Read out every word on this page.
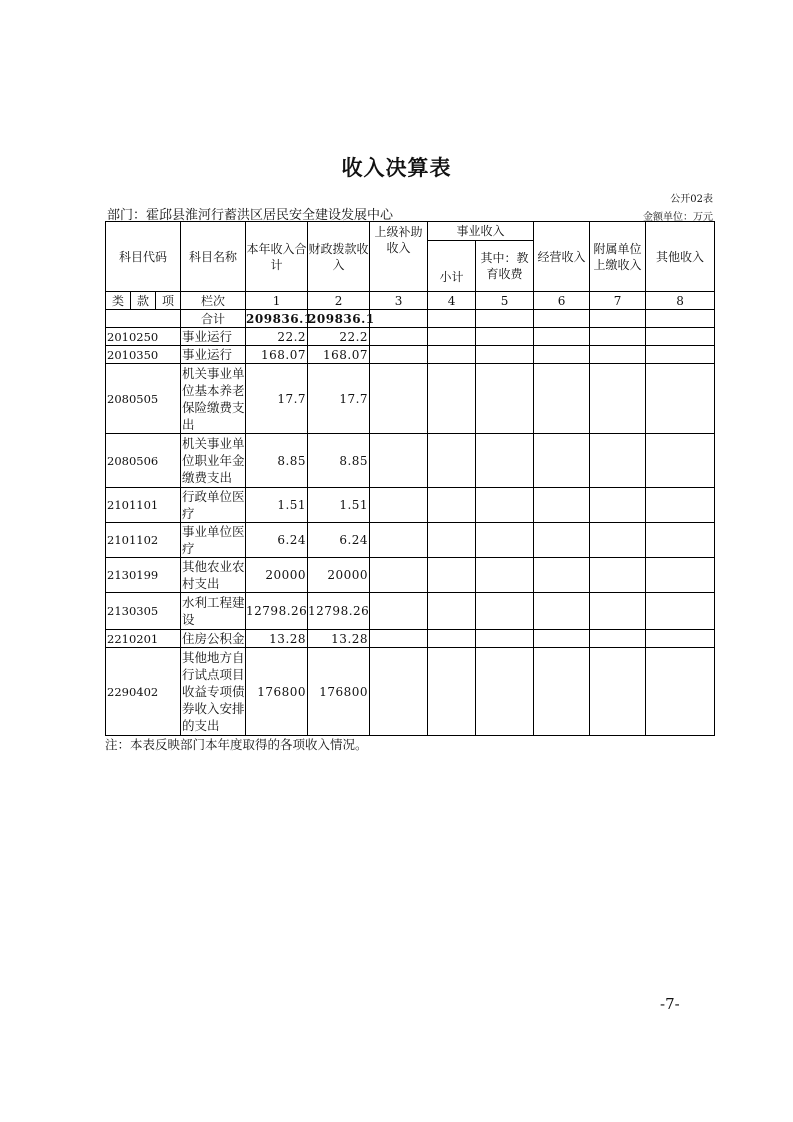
收入决算表
公开02表
部门：霍邱县淮河行蓄洪区居民安全建设发展中心	金额单位：万元
科目代码			科目名称	本年收入合计	财政拨款收入	上级补助收入	事业收入		经营收入	附属单位上缴收入	其他收入
							小计	其中：教育收费			
类	款	项	栏次	1	2	3	4	5	6	7	8
			合计	209836.1	209836.1						
2010250			事业运行	22.2	22.2						
2010350			事业运行	168.07	168.07						
2080505			机关事业单位基本养老保险缴费支出	17.7	17.7						
2080506			机关事业单位职业年金缴费支出	8.85	8.85						
2101101			行政单位医疗	1.51	1.51						
2101102			事业单位医疗	6.24	6.24						
2130199			其他农业农村支出	20000	20000						
2130305			水利工程建设	12798.26	12798.26						
2210201			住房公积金	13.28	13.28						
2290402			其他地方自行试点项目收益专项债券收入安排的支出	176800	176800						
注：本表反映部门本年度取得的各项收入情况。
-7-
